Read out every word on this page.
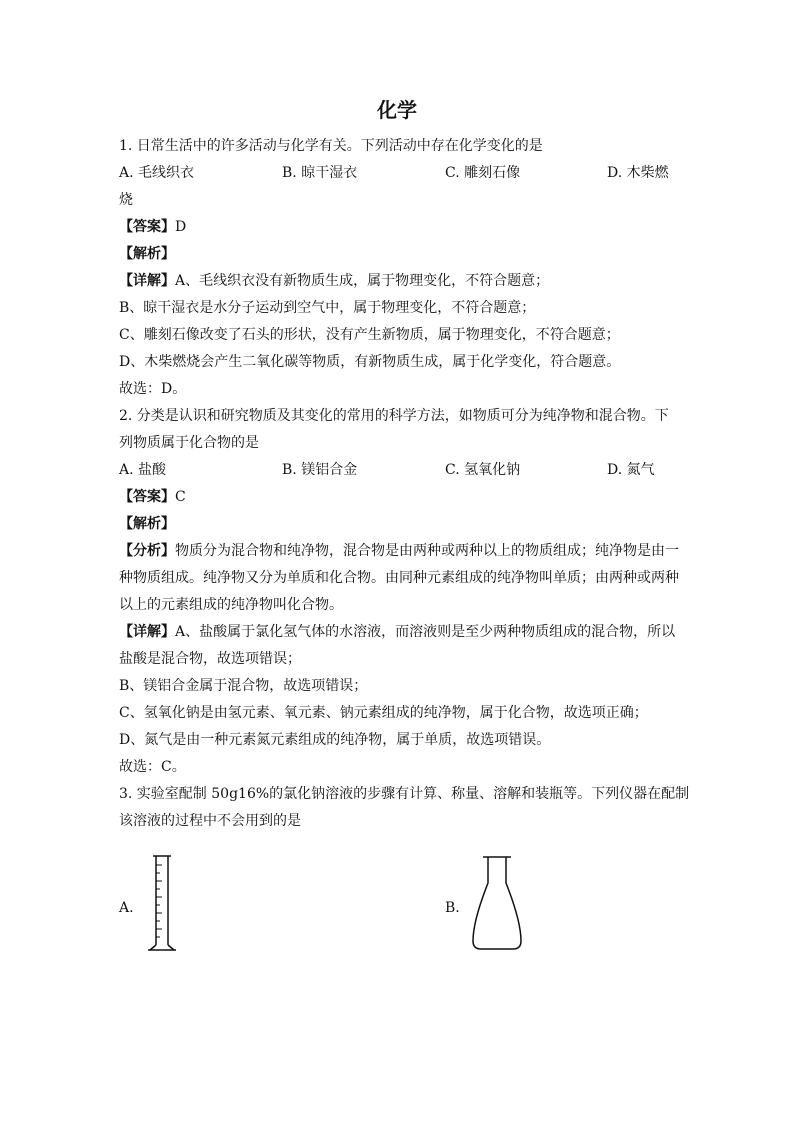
化学
1. 日常生活中的许多活动与化学有关。下列活动中存在化学变化的是
A. 毛线织衣	B. 晾干湿衣	C. 雕刻石像	D. 木柴燃
烧
【答案】D
【解析】
【详解】A、毛线织衣没有新物质生成，属于物理变化，不符合题意；
B、晾干湿衣是水分子运动到空气中，属于物理变化，不符合题意；
C、雕刻石像改变了石头的形状，没有产生新物质，属于物理变化，不符合题意；
D、木柴燃烧会产生二氧化碳等物质，有新物质生成，属于化学变化，符合题意。
故选：D。
2. 分类是认识和研究物质及其变化的常用的科学方法，如物质可分为纯净物和混合物。下
列物质属于化合物的是
A. 盐酸	B. 镁铝合金	C. 氢氧化钠	D. 氮气
【答案】C
【解析】
【分析】物质分为混合物和纯净物，混合物是由两种或两种以上的物质组成；纯净物是由一
种物质组成。纯净物又分为单质和化合物。由同种元素组成的纯净物叫单质；由两种或两种
以上的元素组成的纯净物叫化合物。
【详解】A、盐酸属于氯化氢气体的水溶液，而溶液则是至少两种物质组成的混合物，所以
盐酸是混合物，故选项错误；
B、镁铝合金属于混合物，故选项错误；
C、氢氧化钠是由氢元素、氧元素、钠元素组成的纯净物，属于化合物，故选项正确；
D、氮气是由一种元素氮元素组成的纯净物，属于单质，故选项错误。
故选：C。
3. 实验室配制 50g16%的氯化钠溶液的步骤有计算、称量、溶解和装瓶等。下列仪器在配制
该溶液的过程中不会用到的是
A.	B.
